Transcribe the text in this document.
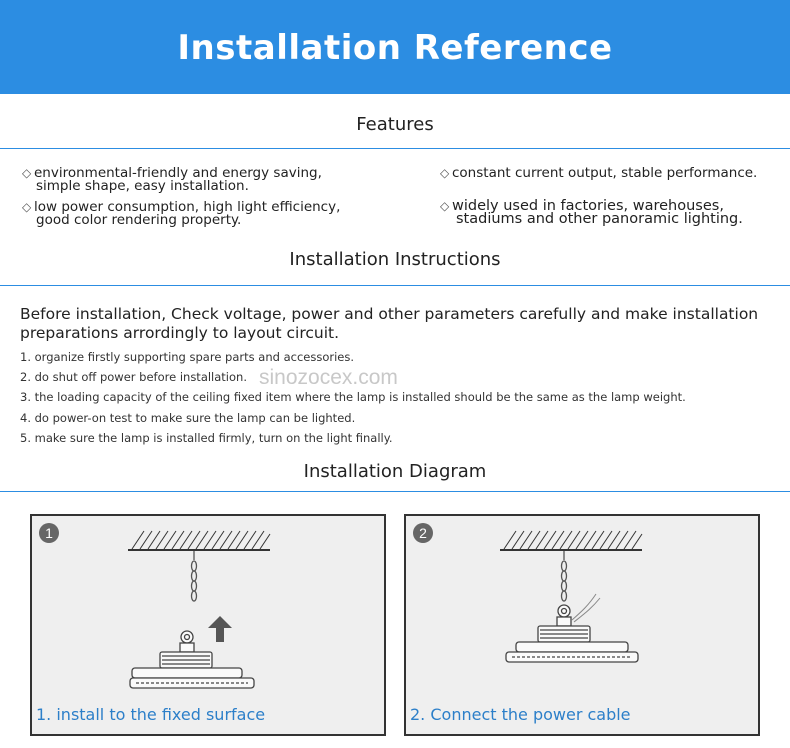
Installation Reference
Features
◇ environmental-friendly and energy saving,
simple shape, easy installation.
◇ constant current output, stable performance.
◇ low power consumption, high light efficiency,
good color rendering property.
◇ widely used in factories, warehouses,
stadiums and other panoramic lighting.
Installation Instructions
Before installation, Check voltage, power and other parameters carefully and make installation preparations arrordingly to layout circuit.
1. organize firstly supporting spare parts and accessories.
2. do shut off power before installation.
3. the loading capacity of the ceiling fixed item where the lamp is installed should be the same as the lamp weight.
4. do power-on test to make sure the lamp can be lighted.
5. make sure the lamp is installed firmly, turn on the light finally.
sinozocex.com
Installation Diagram
1
1. install to the fixed surface
2
2. Connect the power cable
